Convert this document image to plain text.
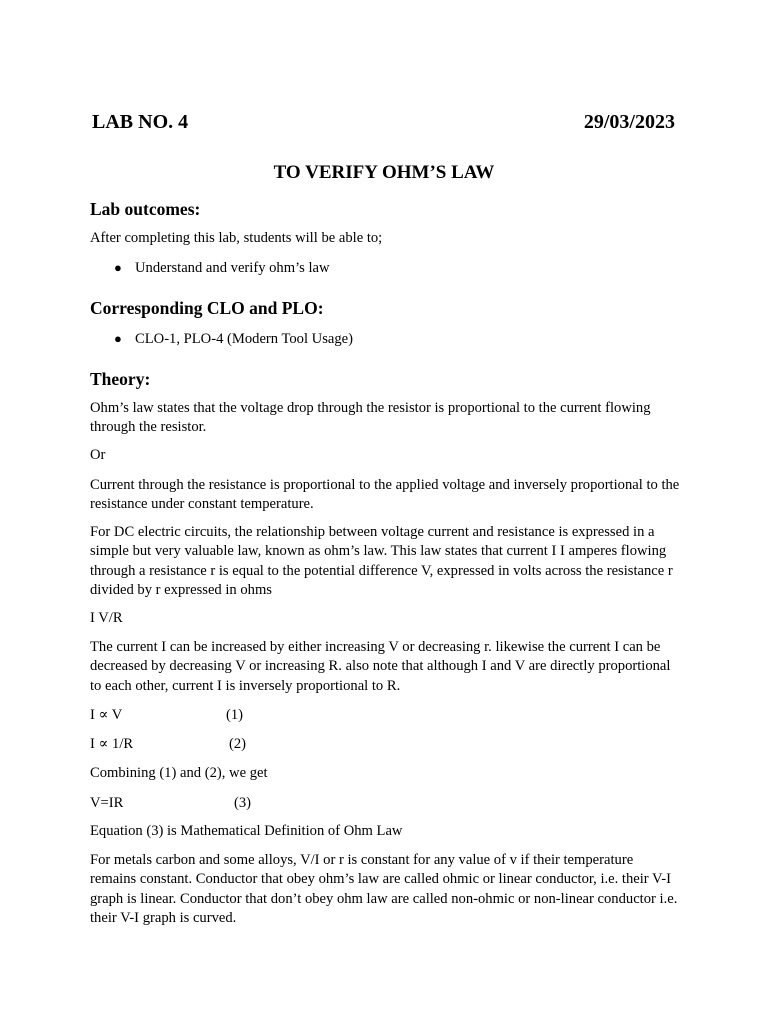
LAB NO. 4	29/03/2023
TO VERIFY OHM’S LAW
Lab outcomes:
After completing this lab, students will be able to;
● Understand and verify ohm’s law
Corresponding CLO and PLO:
● CLO-1, PLO-4 (Modern Tool Usage)
Theory:
Ohm’s law states that the voltage drop through the resistor is proportional to the current flowing through the resistor.
Or
Current through the resistance is proportional to the applied voltage and inversely proportional to the resistance under constant temperature.
For DC electric circuits, the relationship between voltage current and resistance is expressed in a simple but very valuable law, known as ohm’s law. This law states that current I I amperes flowing through a resistance r is equal to the potential difference V, expressed in volts across the resistance r divided by r expressed in ohms
I V/R
The current I can be increased by either increasing V or decreasing r. likewise the current I can be decreased by decreasing V or increasing R. also note that although I and V are directly proportional to each other, current I is inversely proportional to R.
I ∝ V	(1)
I ∝ 1/R	(2)
Combining (1) and (2), we get
V=IR	(3)
Equation (3) is Mathematical Definition of Ohm Law
For metals carbon and some alloys, V/I or r is constant for any value of v if their temperature remains constant. Conductor that obey ohm’s law are called ohmic or linear conductor, i.e. their V-I graph is linear. Conductor that don’t obey ohm law are called non-ohmic or non-linear conductor i.e. their V-I graph is curved.
